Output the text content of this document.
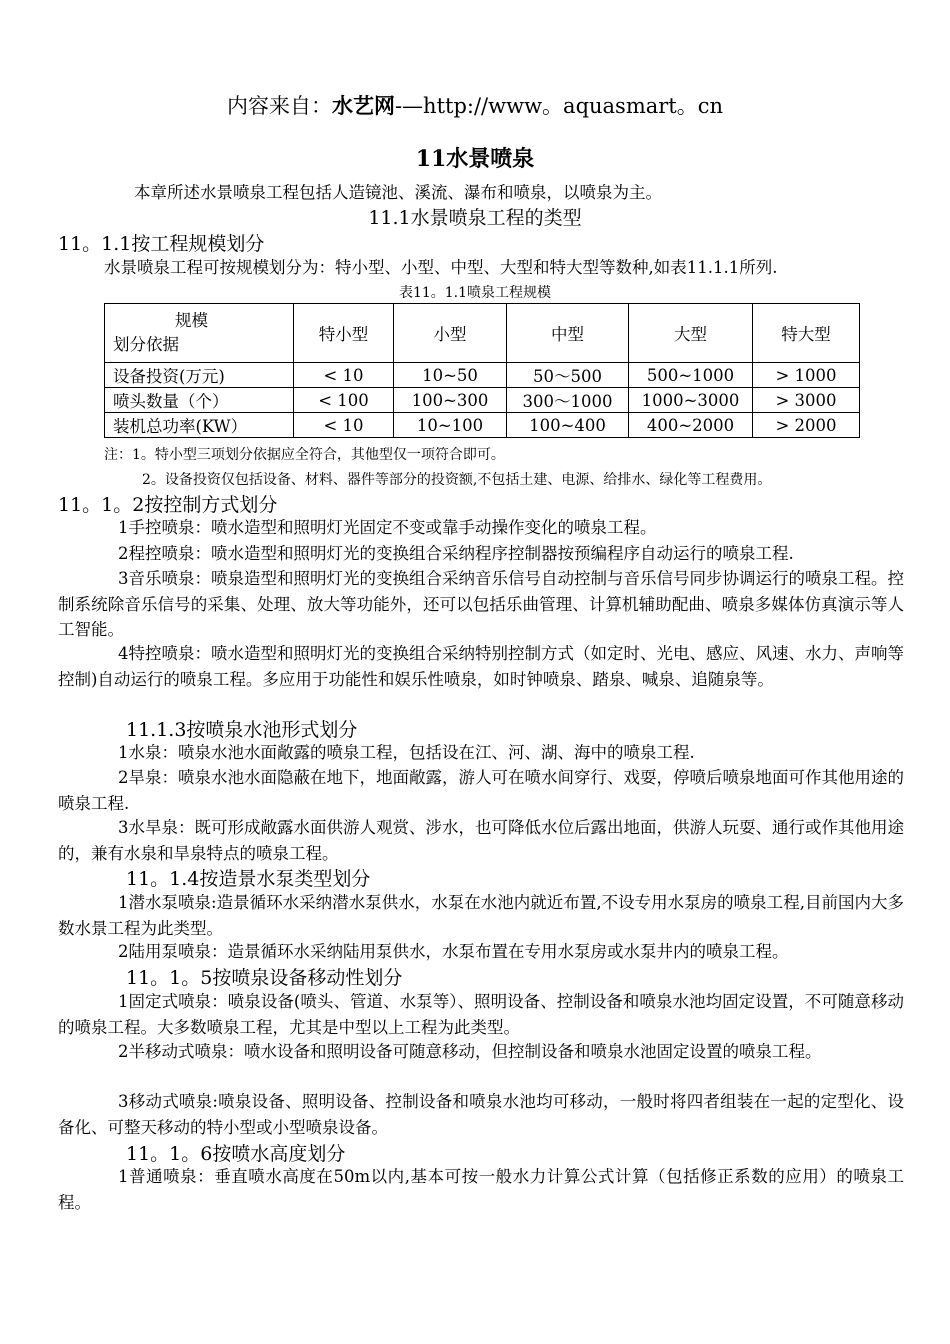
内容来自：水艺网-—http://www。aquasmart。cn
11水景喷泉
本章所述水景喷泉工程包括人造镜池、溪流、瀑布和喷泉，以喷泉为主。
11.1水景喷泉工程的类型
11。1.1按工程规模划分
水景喷泉工程可按规模划分为：特小型、小型、中型、大型和特大型等数种,如表11.1.1所列.
表11。1.1喷泉工程规模
规模
划分依据	特小型	小型	中型	大型	特大型
设备投资(万元)	< 10	10~50	50～500	500~1000	> 1000
喷头数量（个）	< 100	100~300	300～1000	1000~3000	> 3000
装机总功率(KW）	< 10	10~100	100~400	400~2000	> 2000
注：1。特小型三项划分依据应全符合，其他型仅一项符合即可。
2。设备投资仅包括设备、材料、器件等部分的投资额,不包括土建、电源、给排水、绿化等工程费用。
11。1。2按控制方式划分
1手控喷泉：喷水造型和照明灯光固定不变或靠手动操作变化的喷泉工程。
2程控喷泉：喷水造型和照明灯光的变换组合采纳程序控制器按预编程序自动运行的喷泉工程.
3音乐喷泉：喷泉造型和照明灯光的变换组合采纳音乐信号自动控制与音乐信号同步协调运行的喷泉工程。控制系统除音乐信号的采集、处理、放大等功能外，还可以包括乐曲管理、计算机辅助配曲、喷泉多媒体仿真演示等人工智能。
4特控喷泉：喷水造型和照明灯光的变换组合采纳特别控制方式（如定时、光电、感应、风速、水力、声响等控制)自动运行的喷泉工程。多应用于功能性和娱乐性喷泉，如时钟喷泉、踏泉、喊泉、追随泉等。
11.1.3按喷泉水池形式划分
1水泉：喷泉水池水面敞露的喷泉工程，包括设在江、河、湖、海中的喷泉工程.
2旱泉：喷泉水池水面隐蔽在地下，地面敞露，游人可在喷水间穿行、戏耍，停喷后喷泉地面可作其他用途的喷泉工程.
3水旱泉：既可形成敞露水面供游人观赏、涉水，也可降低水位后露出地面，供游人玩耍、通行或作其他用途的，兼有水泉和旱泉特点的喷泉工程。
11。1.4按造景水泵类型划分
1潜水泵喷泉:造景循环水采纳潜水泵供水，水泵在水池内就近布置,不设专用水泵房的喷泉工程,目前国内大多数水景工程为此类型。
2陆用泵喷泉：造景循环水采纳陆用泵供水，水泵布置在专用水泵房或水泵井内的喷泉工程。
11。1。5按喷泉设备移动性划分
1固定式喷泉：喷泉设备(喷头、管道、水泵等）、照明设备、控制设备和喷泉水池均固定设置，不可随意移动的喷泉工程。大多数喷泉工程，尤其是中型以上工程为此类型。
2半移动式喷泉：喷水设备和照明设备可随意移动，但控制设备和喷泉水池固定设置的喷泉工程。
3移动式喷泉:喷泉设备、照明设备、控制设备和喷泉水池均可移动，一般时将四者组装在一起的定型化、设备化、可整天移动的特小型或小型喷泉设备。
11。1。6按喷水高度划分
1普通喷泉：垂直喷水高度在50m以内,基本可按一般水力计算公式计算（包括修正系数的应用）的喷泉工程。
